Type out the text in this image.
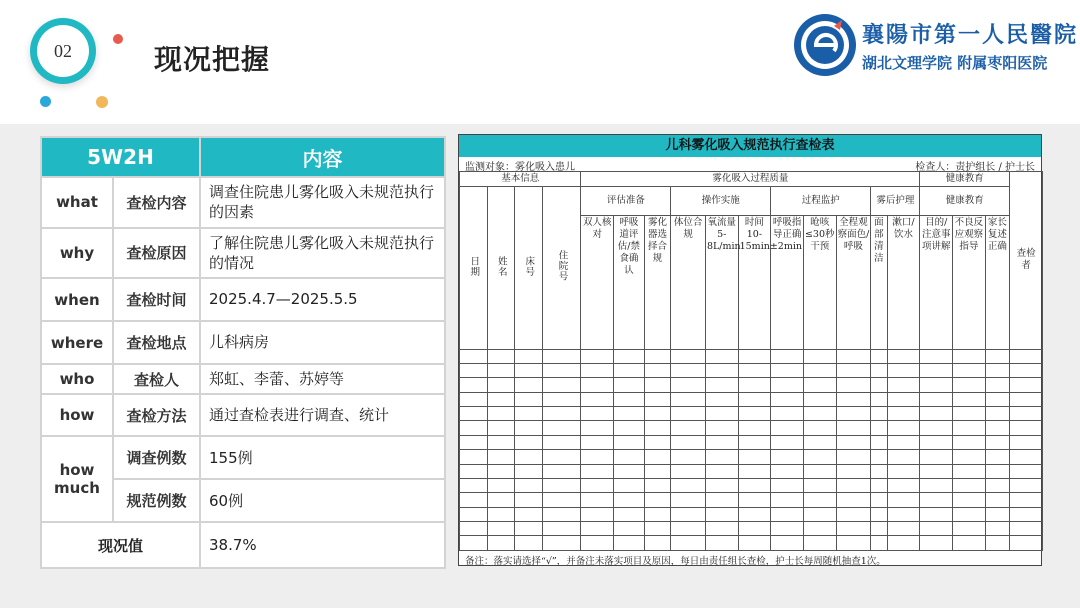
02	现况把握
襄陽市第一人民醫院
湖北文理学院 附属枣阳医院
5W2H		内容
what	查检内容	调查住院患儿雾化吸入未规范执行的因素
why	查检原因	了解住院患儿雾化吸入未规范执行的情况
when	查检时间	2025.4.7—2025.5.5
where	查检地点	儿科病房
who	查检人	郑虹、李蕾、苏婷等
how	查检方法	通过查检表进行调查、统计
how much	调查例数	155例
	规范例数	60例
现况值		38.7%
儿科雾化吸入规范执行查检表
监测对象：雾化吸入患儿	检查人：责护组长 / 护士长
基本信息				雾化吸入过程质量											健康教育			查检者

日期	姓名	床号	住院号	评估准备			操作实施			过程监护			雾后护理		健康教育			
				双人核对	呼吸道评估/禁食确认	雾化器选择合规	体位合规	氧流量5-8L/min	时间10-15min±2min	呼吸指导正确	呛咳≤30秒干预	全程观察面色/呼吸	面部清洁	漱口/饮水	目的/注意事项讲解	不良反应观察指导	家长复述正确	

备注：落实请选择“√”，并备注未落实项目及原因，每日由责任组长查检，护士长每周随机抽查1次。
